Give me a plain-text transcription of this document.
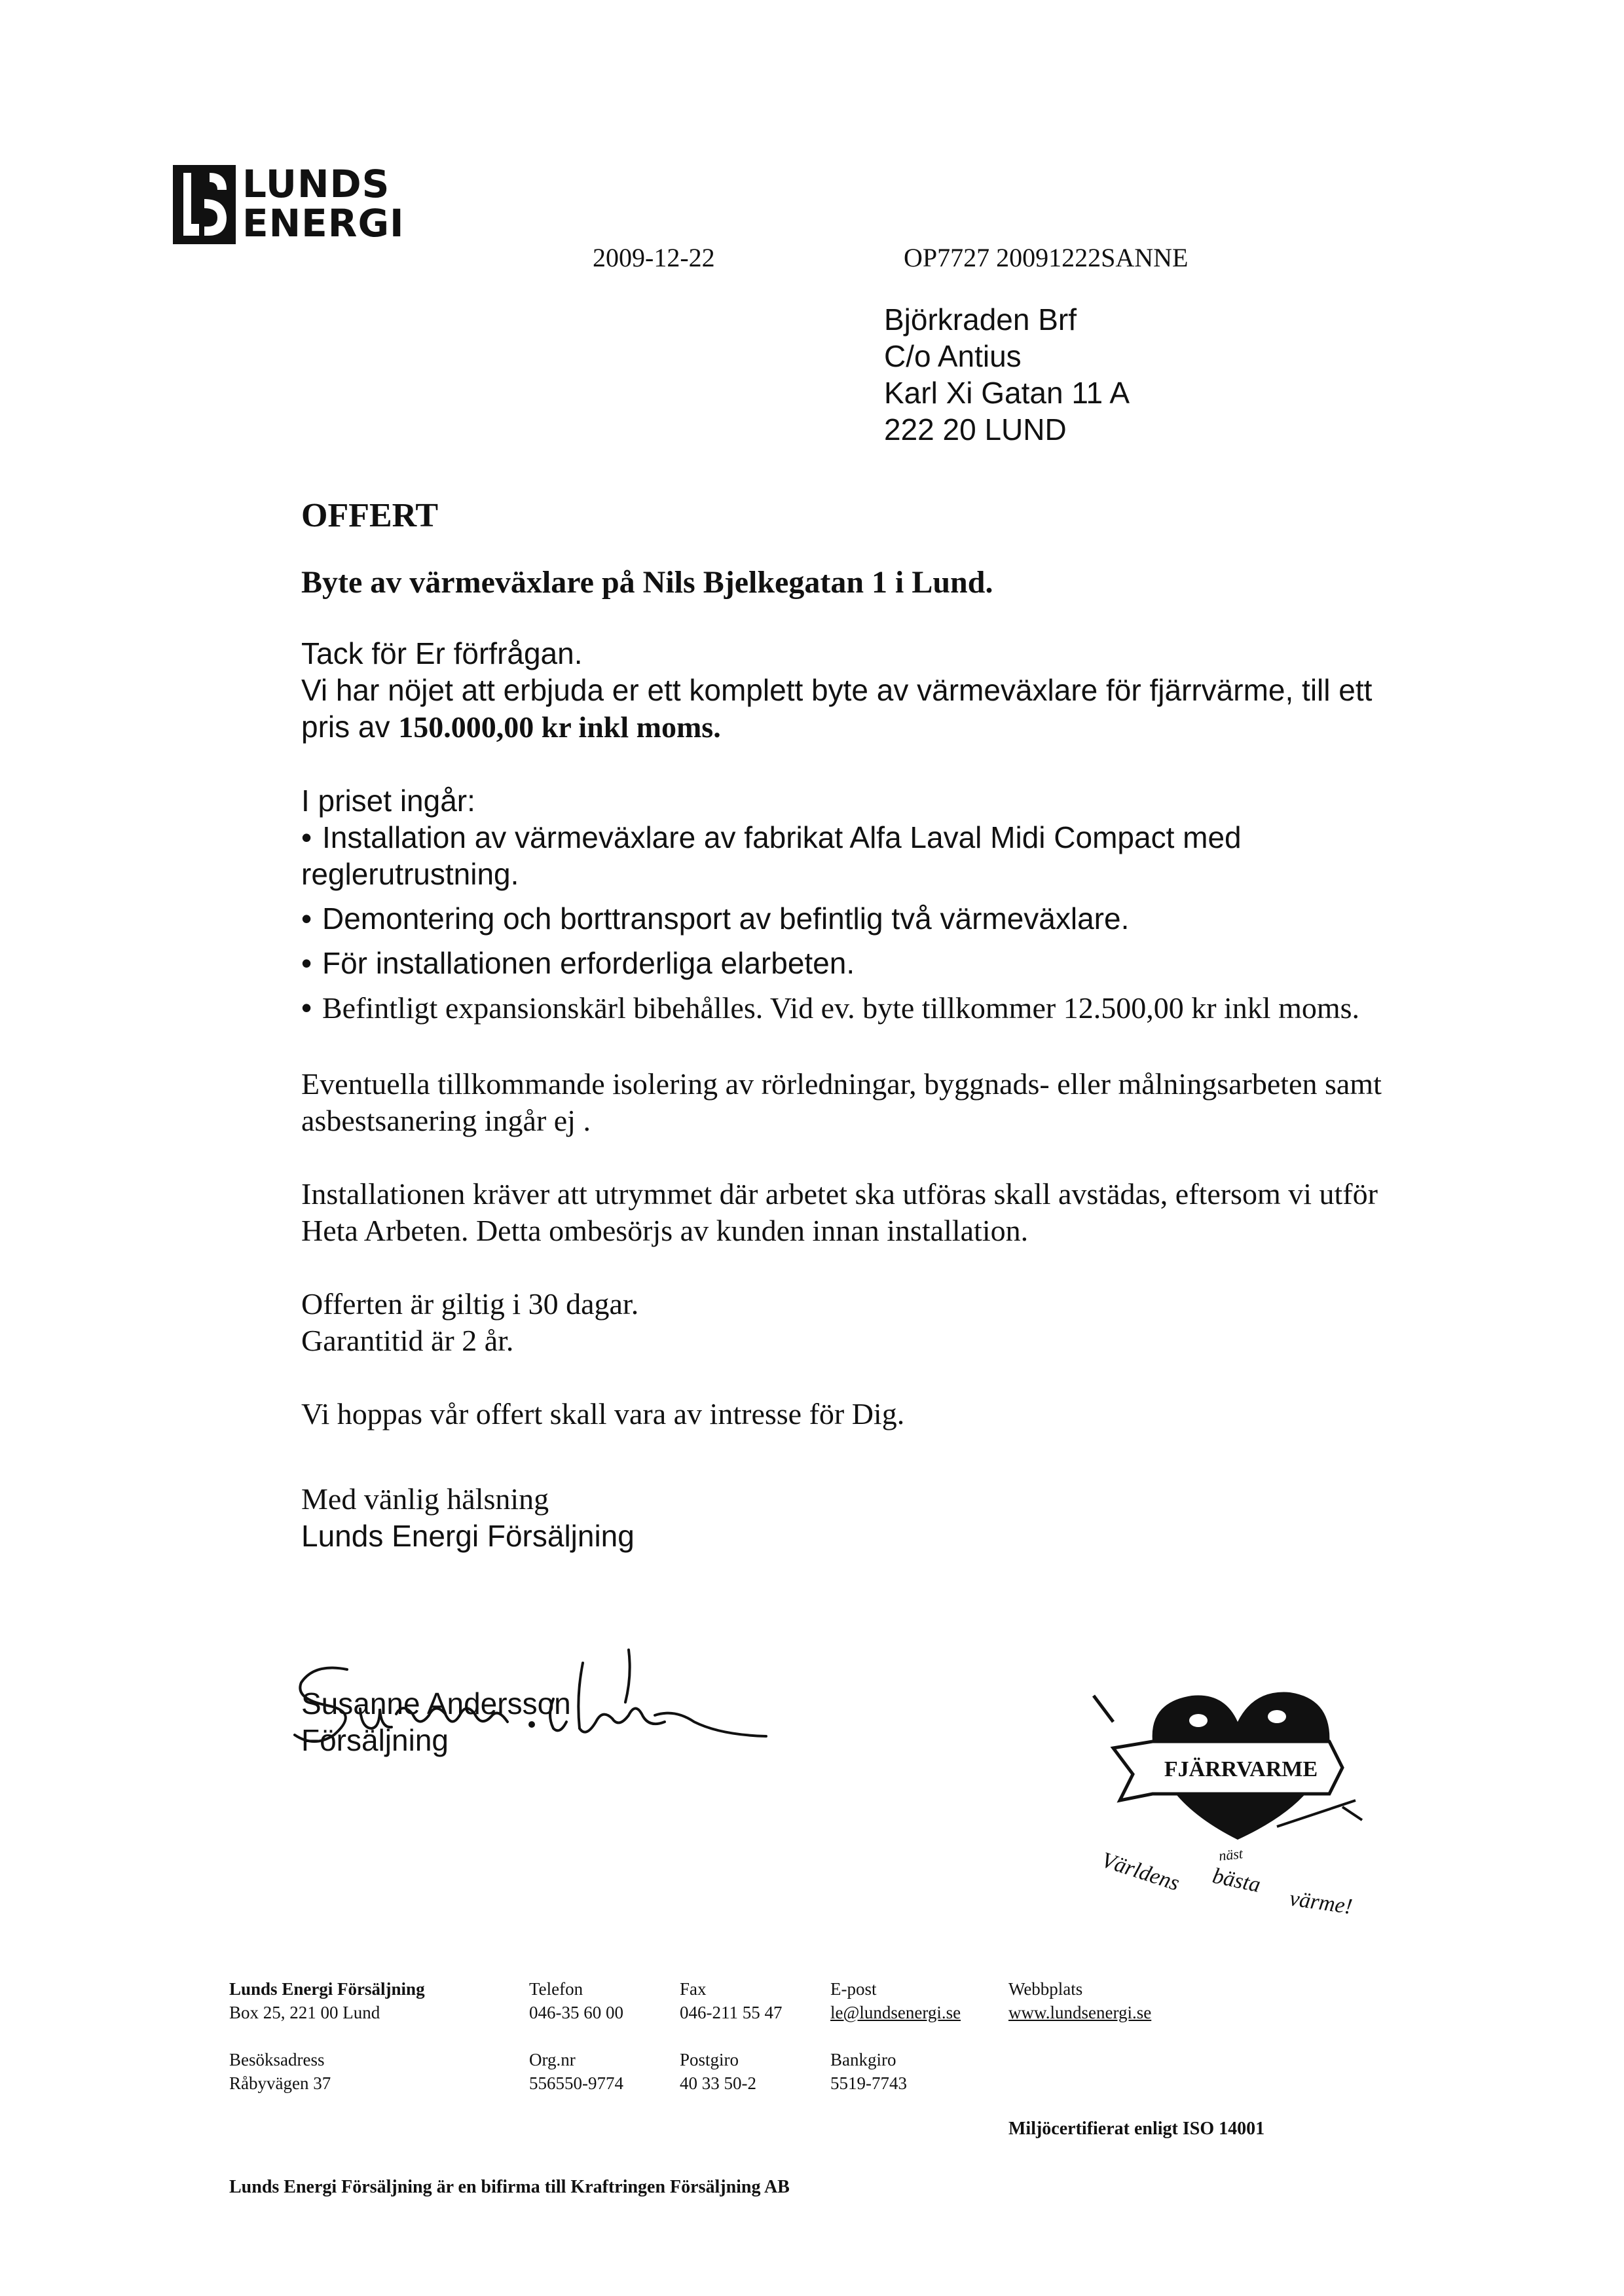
LUNDS
ENERGI
2009-12-22	OP7727 20091222SANNE
Björkraden Brf
C/o Antius
Karl Xi Gatan 11 A
222 20 LUND

OFFERT

Byte av värmeväxlare på Nils Bjelkegatan 1 i Lund.

Tack för Er förfrågan.

Vi har nöjet att erbjuda er ett komplett byte av värmeväxlare för fjärrvärme, till ett pris av 150.000,00 kr inkl moms.

I priset ingår:

• Installation av värmeväxlare av fabrikat Alfa Laval Midi Compact med reglerutrustning.
• Demontering och borttransport av befintlig två värmeväxlare.
• För installationen erforderliga elarbeten.
• Befintligt expansionskärl bibehålles. Vid ev. byte tillkommer 12.500,00 kr inkl moms.

Eventuella tillkommande isolering av rörledningar, byggnads- eller målningsarbeten samt asbestsanering ingår ej .

Installationen kräver att utrymmet där arbetet ska utföras skall avstädas, eftersom vi utför Heta Arbeten. Detta ombesörjs av kunden innan installation.

Offerten är giltig i 30 dagar.

Garantitid är 2 år.

Vi hoppas vår offert skall vara av intresse för Dig.

Med vänlig hälsning

Lunds Energi Försäljning

Susanne Andersson

Försäljning

FJÄRRVARME
Världens bästa
värme!
näst
Lunds Energi Försäljning
Box 25, 221 00 Lund
Besöksadress
Råbyvägen 37
Telefon
046-35 60 00
Org.nr
556550-9774
Fax
046-211 55 47
Postgiro
40 33 50-2
E-post
le@lundsenergi.se
Bankgiro
5519-7743
Webbplats
www.lundsenergi.se
Miljöcertifierat enligt ISO 14001
Lunds Energi Försäljning är en bifirma till Kraftringen Försäljning AB
